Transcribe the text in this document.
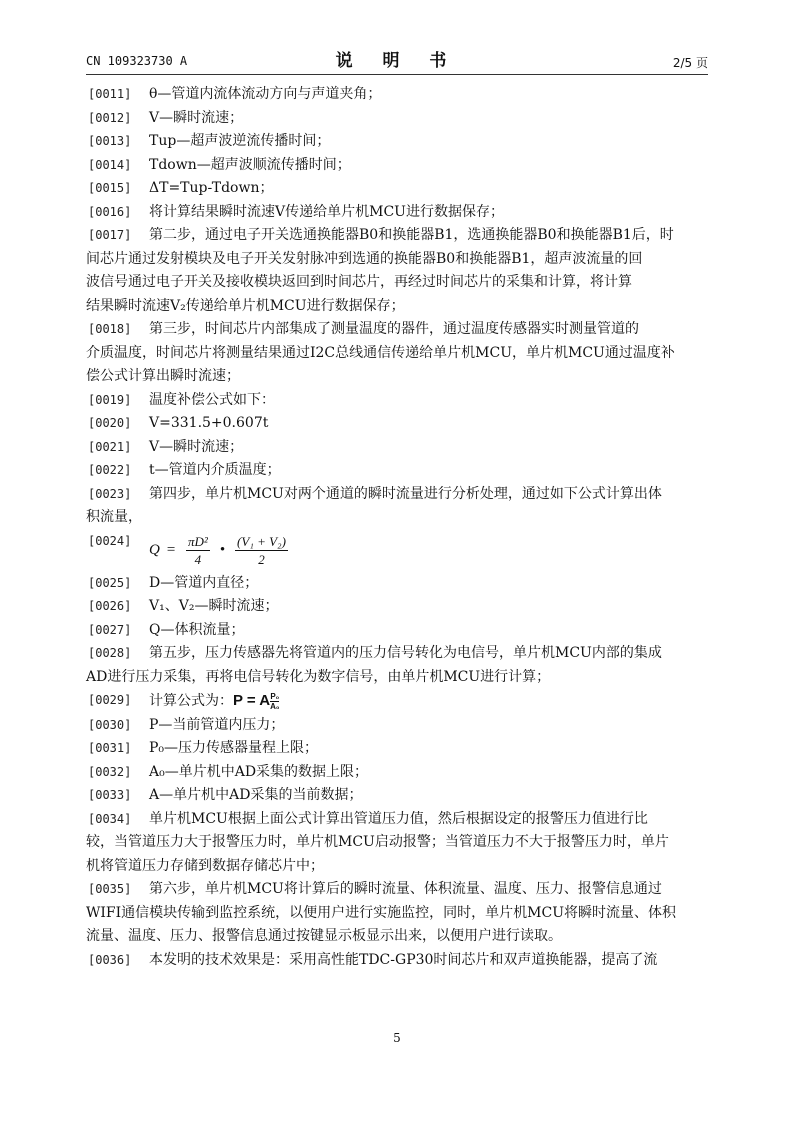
CN 109323730 A	说 明 书	2/5 页
[0011] θ—管道内流体流动方向与声道夹角；
[0012] V—瞬时流速；
[0013] Tup—超声波逆流传播时间；
[0014] Tdown—超声波顺流传播时间；
[0015] ΔT=Tup-Tdown；
[0016] 将计算结果瞬时流速V传递给单片机MCU进行数据保存；
[0017] 第二步，通过电子开关选通换能器B0和换能器B1，选通换能器B0和换能器B1后，时
间芯片通过发射模块及电子开关发射脉冲到选通的换能器B0和换能器B1，超声波流量的回
波信号通过电子开关及接收模块返回到时间芯片，再经过时间芯片的采集和计算，将计算
结果瞬时流速V₂传递给单片机MCU进行数据保存；
[0018] 第三步，时间芯片内部集成了测量温度的器件，通过温度传感器实时测量管道的
介质温度，时间芯片将测量结果通过I2C总线通信传递给单片机MCU，单片机MCU通过温度补
偿公式计算出瞬时流速；
[0019] 温度补偿公式如下：
[0020] V=331.5+0.607t
[0021] V—瞬时流速；
[0022] t—管道内介质温度；
[0023] 第四步，单片机MCU对两个通道的瞬时流量进行分析处理，通过如下公式计算出体
积流量，
[0024]
$Q = \frac{\text{πD²}}{4}$ • $\frac{\text{(V₁ + V₂)}}{2}$
[0025] D—管道内直径；
[0026] V₁、V₂—瞬时流速；
[0027] Q—体积流量；
[0028] 第五步，压力传感器先将管道内的压力信号转化为电信号，单片机MCU内部的集成
AD进行压力采集，再将电信号转化为数字信号，由单片机MCU进行计算；
[0029] 计算公式为：P = A $\frac{\text{P₀}}{\text{A₀}}$
[0030] P—当前管道内压力；
[0031] P₀—压力传感器量程上限；
[0032] A₀—单片机中AD采集的数据上限；
[0033] A—单片机中AD采集的当前数据；
[0034] 单片机MCU根据上面公式计算出管道压力值，然后根据设定的报警压力值进行比
较，当管道压力大于报警压力时，单片机MCU启动报警；当管道压力不大于报警压力时，单片
机将管道压力存储到数据存储芯片中；
[0035] 第六步，单片机MCU将计算后的瞬时流量、体积流量、温度、压力、报警信息通过
WIFI通信模块传输到监控系统，以便用户进行实施监控，同时，单片机MCU将瞬时流量、体积
流量、温度、压力、报警信息通过按键显示板显示出来，以便用户进行读取。
[0036] 本发明的技术效果是：采用高性能TDC-GP30时间芯片和双声道换能器，提高了流
5
